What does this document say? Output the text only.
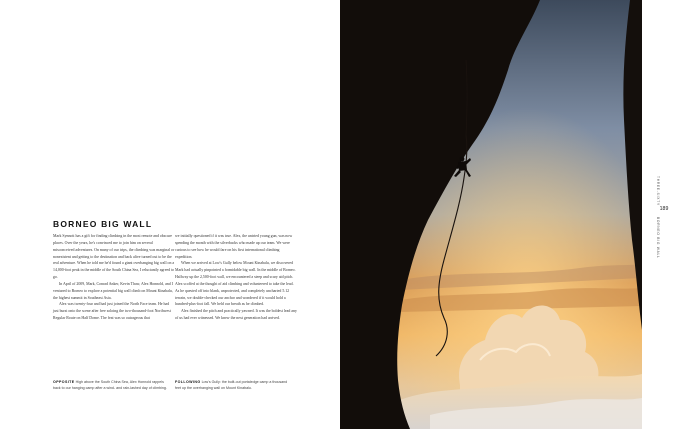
BORNEO BIG WALL

Mark Synnott has a gift for finding climbing in the most remote and obscure places. Over the years, he's convinced me to join him on several misconceived adventures. On many of our trips, the climbing was marginal or nonexistent and getting to the destination and back alive turned out to be the real adventure. When he told me he'd found a giant overhanging big wall on a 14,000-foot peak in the middle of the South China Sea, I reluctantly agreed to go.

In April of 2009, Mark, Conrad Anker, Kevin Thaw, Alex Honnold, and I ventured to Borneo to explore a potential big wall climb on Mount Kinabalu, the highest summit in Southeast Asia.

Alex was twenty-four and had just joined the North Face team. He had just burst onto the scene after free soloing the two-thousand-foot Northwest Regular Route on Half Dome. The feat was so outrageous that

we initially questioned if it was true. Alex, the untried young gun, was now spending the month with the silverbacks who made up our team. We were curious to see how he would fare on his first international climbing expedition.

When we arrived at Low's Gully below Mount Kinabalu, we discovered Mark had actually pinpointed a formidable big wall. In the middle of Borneo. Halfway up the 2,500-foot wall, we encountered a steep and scary aid pitch. Alex scoffed at the thought of aid climbing and volunteered to take the lead. As he quested off into blank, unprotected, and completely uncharted 5.12 terrain, we double-checked our anchor and wondered if it would hold a hundred-plus-foot fall. We held our breath as he climbed.

Alex finished the pitch and practically yawned. It was the boldest lead any of us had ever witnessed. We knew the next generation had arrived.

OPPOSITE High above the South China Sea, Alex Honnold rappels back to our hanging camp after a wind- and rain-lashed day of climbing.
FOLLOWING Low's Gully: the built-out portaledge camp a thousand feet up the overhanging wall on Mount Kinabalu.
THREE-SIXTY
189
BORNEO BIG WALL
